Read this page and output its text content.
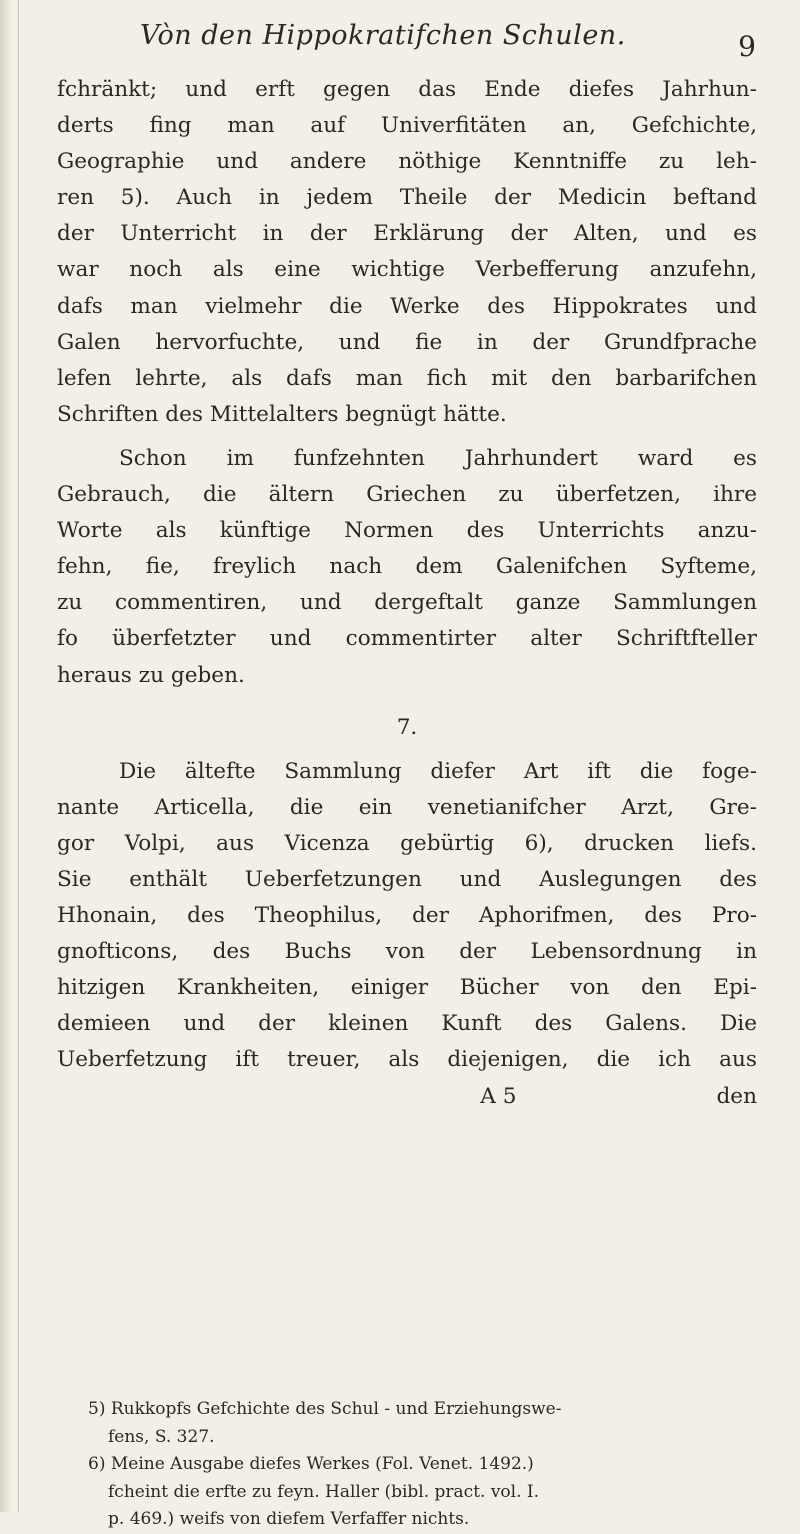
Vòn den Hippokratifchen Schulen.	9
fchränkt; und erft gegen das Ende diefes Jahrhun-
derts fing man auf Univerfitäten an, Gefchichte,
Geographie und andere nöthige Kenntniffe zu leh-
ren 5). Auch in jedem Theile der Medicin beftand
der Unterricht in der Erklärung der Alten, und es
war noch als eine wichtige Verbefferung anzufehn,
dafs man vielmehr die Werke des Hippokrates und
Galen hervorfuchte, und fie in der Grundfprache
lefen lehrte, als dafs man fich mit den barbarifchen
Schriften des Mittelalters begnügt hätte.
Schon im funfzehnten Jahrhundert ward es
Gebrauch, die ältern Griechen zu überfetzen, ihre
Worte als künftige Normen des Unterrichts anzu-
fehn, fie, freylich nach dem Galenifchen Syfteme,
zu commentiren, und dergeftalt ganze Sammlungen
fo überfetzter und commentirter alter Schriftfteller
heraus zu geben.
7.
Die ältefte Sammlung diefer Art ift die foge-
nante Articella, die ein venetianifcher Arzt, Gre-
gor Volpi, aus Vicenza gebürtig 6), drucken liefs.
Sie enthält Ueberfetzungen und Auslegungen des
Hhonain, des Theophilus, der Aphorifmen, des Pro-
gnofticons, des Buchs von der Lebensordnung in
hitzigen Krankheiten, einiger Bücher von den Epi-
demieen und der kleinen Kunft des Galens. Die
Ueberfetzung ift treuer, als diejenigen, die ich aus
A 5	den
5) Rukkopfs Gefchichte des Schul - und Erziehungswe-
fens, S. 327.
6) Meine Ausgabe diefes Werkes (Fol. Venet. 1492.)
fcheint die erfte zu feyn. Haller (bibl. pract. vol. I.
p. 469.) weifs von diefem Verfaffer nichts.
